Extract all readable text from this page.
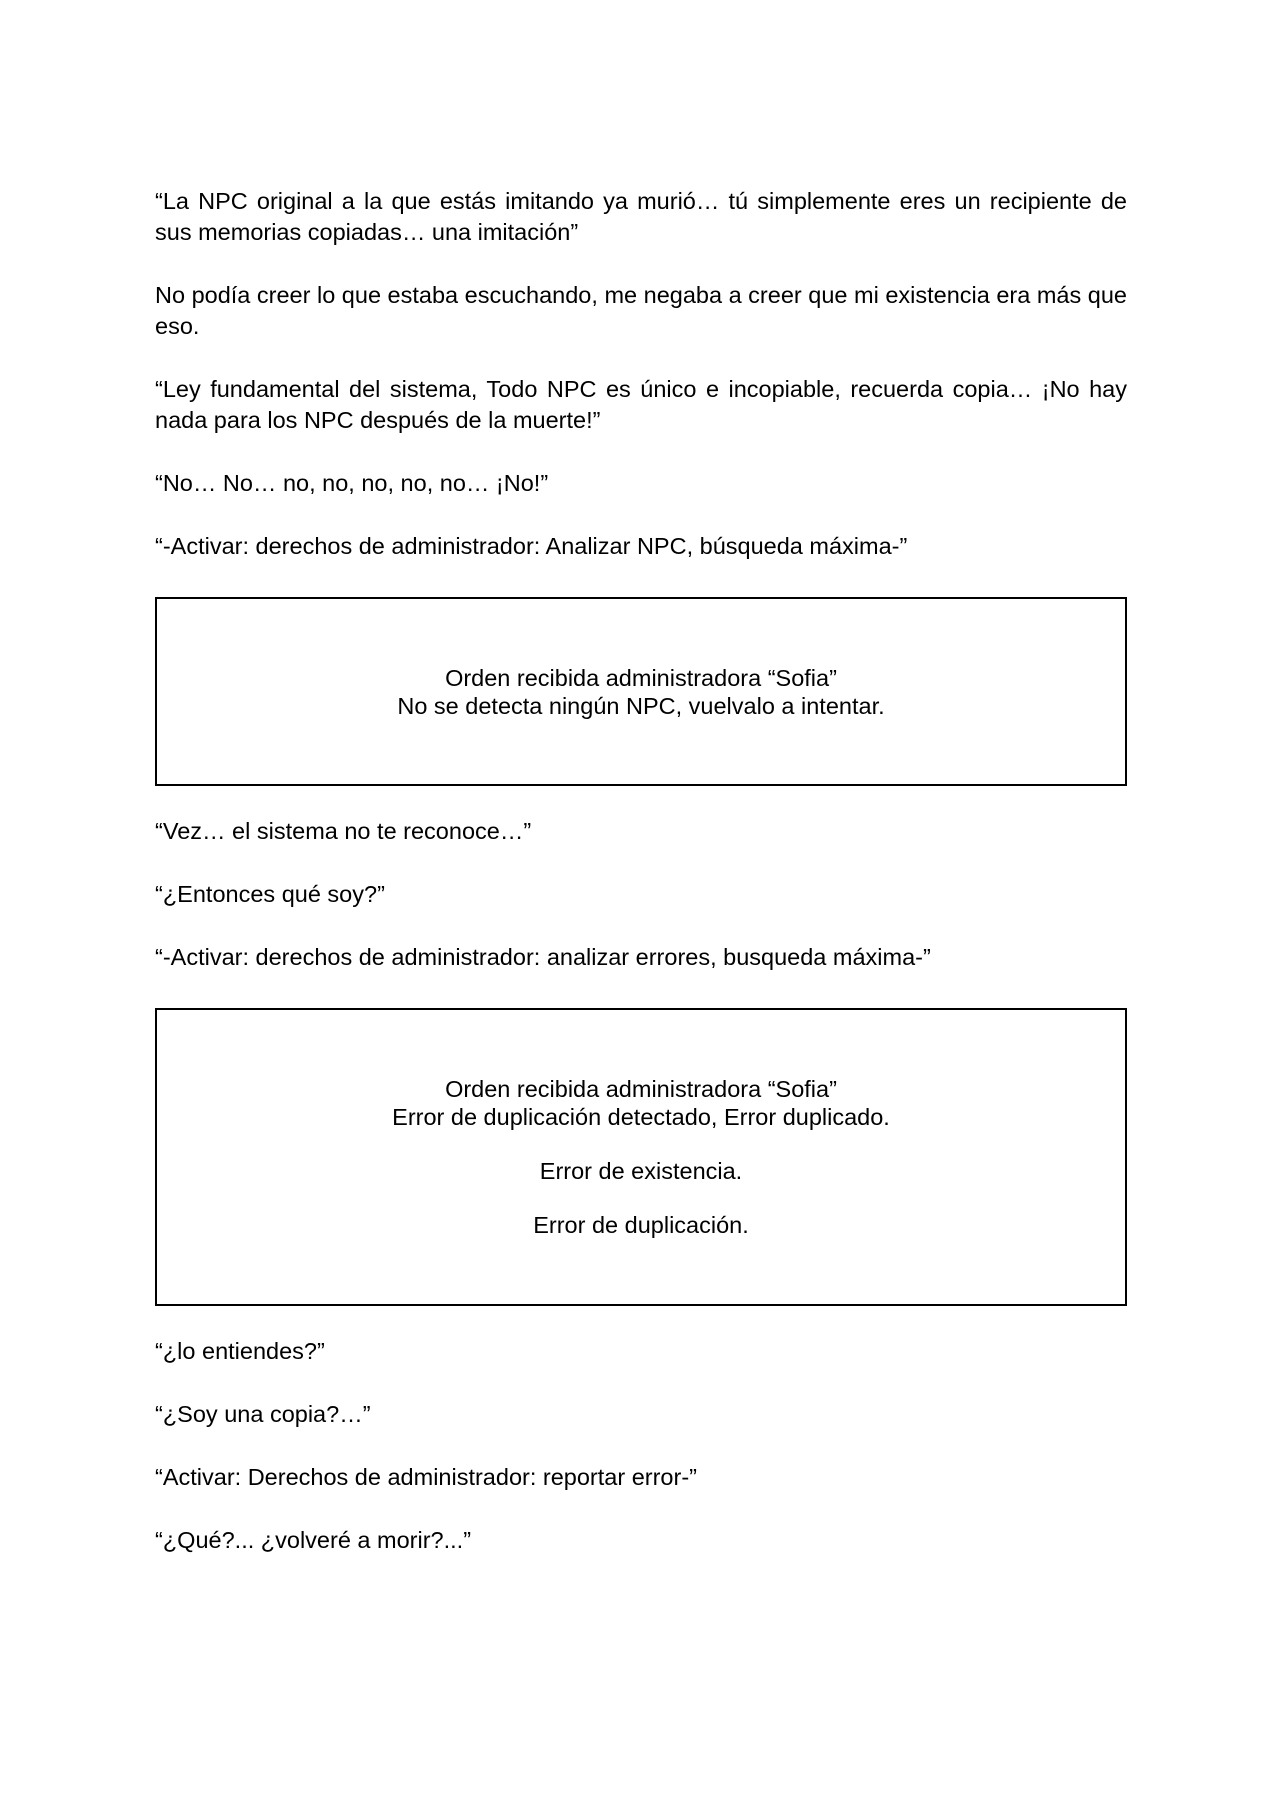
“La NPC original a la que estás imitando ya murió… tú simplemente eres un recipiente de sus memorias copiadas… una imitación”

No podía creer lo que estaba escuchando, me negaba a creer que mi existencia era más que eso.

“Ley fundamental del sistema, Todo NPC es único e incopiable, recuerda copia… ¡No hay nada para los NPC después de la muerte!”

“No… No… no, no, no, no, no… ¡No!”

“-Activar: derechos de administrador: Analizar NPC, búsqueda máxima-”

Orden recibida administradora “Sofia”
No se detecta ningún NPC, vuelvalo a intentar.

“Vez… el sistema no te reconoce…”

“¿Entonces qué soy?”

“-Activar: derechos de administrador: analizar errores, busqueda máxima-”

Orden recibida administradora “Sofia”
Error de duplicación detectado, Error duplicado.
Error de existencia.
Error de duplicación.

“¿lo entiendes?”

“¿Soy una copia?…”

“Activar: Derechos de administrador: reportar error-”

“¿Qué?... ¿volveré a morir?...”
